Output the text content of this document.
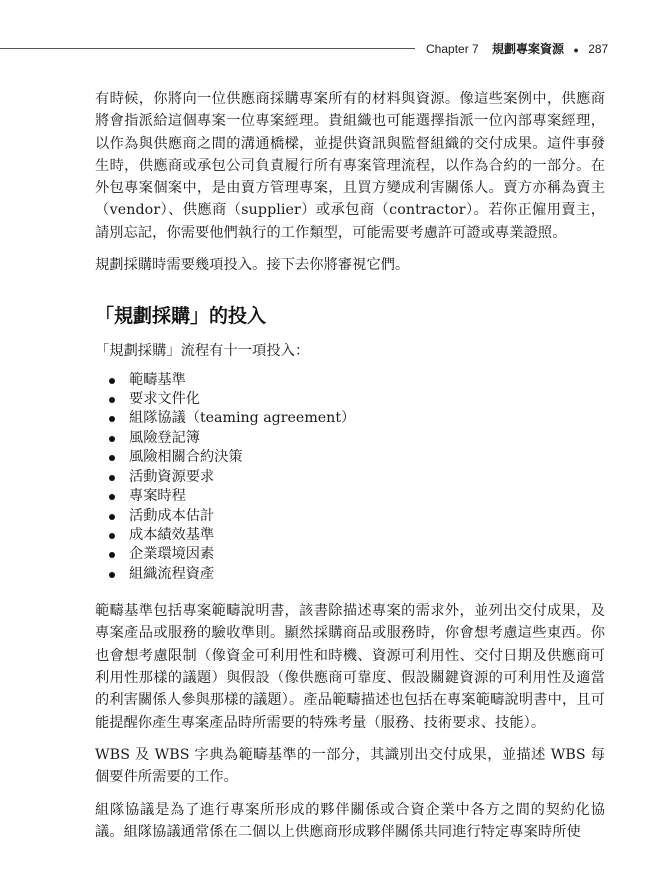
Chapter 7 規劃專案資源 ● 287

有時候，你將向一位供應商採購專案所有的材料與資源。像這些案例中，供應商將會指派給這個專案一位專案經理。貴組織也可能選擇指派一位內部專案經理，以作為與供應商之間的溝通橋樑，並提供資訊與監督組織的交付成果。這件事發生時，供應商或承包公司負責履行所有專案管理流程，以作為合約的一部分。在外包專案個案中，是由賣方管理專案，且買方變成利害關係人。賣方亦稱為賣主（vendor）、供應商（supplier）或承包商（contractor）。若你正僱用賣主，請別忘記，你需要他們執行的工作類型，可能需要考慮許可證或專業證照。

規劃採購時需要幾項投入。接下去你將審視它們。

「規劃採購」的投入

「規劃採購」流程有十一項投入：

範疇基準
要求文件化
組隊協議（teaming agreement）
風險登記簿
風險相關合約決策
活動資源要求
專案時程
活動成本估計
成本績效基準
企業環境因素
組織流程資產

範疇基準包括專案範疇說明書，該書除描述專案的需求外，並列出交付成果，及專案產品或服務的驗收準則。顯然採購商品或服務時，你會想考慮這些東西。你也會想考慮限制（像資金可利用性和時機、資源可利用性、交付日期及供應商可利用性那樣的議題）與假設（像供應商可靠度、假設關鍵資源的可利用性及適當的利害關係人參與那樣的議題）。產品範疇描述也包括在專案範疇說明書中，且可能提醒你產生專案產品時所需要的特殊考量（服務、技術要求、技能）。

WBS 及 WBS 字典為範疇基準的一部分，其識別出交付成果，並描述 WBS 每個要件所需要的工作。

組隊協議是為了進行專案所形成的夥伴關係或合資企業中各方之間的契約化協議。組隊協議通常係在二個以上供應商形成夥伴關係共同進行特定專案時所使
